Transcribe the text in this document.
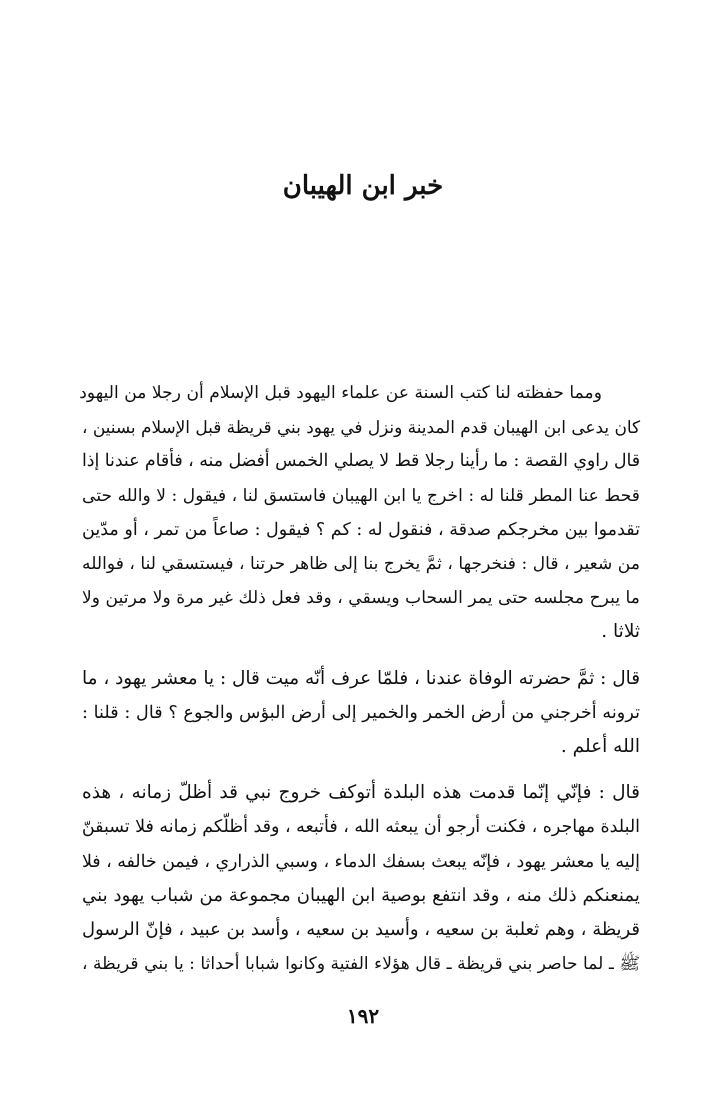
خبر ابن الهيبان

ومما حفظته لنا كتب السنة عن علماء اليهود قبل الإسلام أن رجلا من اليهود
كان يدعى ابن الهيبان قدم المدينة ونزل في يهود بني قريظة قبل الإسلام بسنين ،
قال راوي القصة : ما رأينا رجلا قط لا يصلي الخمس أفضل منه ، فأقام عندنا إذا
قحط عنا المطر قلنا له : اخرج يا ابن الهيبان فاستسق لنا ، فيقول : لا والله حتى
تقدموا بين مخرجكم صدقة ، فنقول له : كم ؟ فيقول : صاعاً من تمر ، أو مدّين
من شعير ، قال : فنخرجها ، ثمَّ يخرج بنا إلى ظاهر حرتنا ، فيستسقي لنا ، فوالله
ما يبرح مجلسه حتى يمر السحاب ويسقي ، وقد فعل ذلك غير مرة ولا مرتين ولا
ثلاثا .

قال : ثمَّ حضرته الوفاة عندنا ، فلمّا عرف أنّه ميت قال : يا معشر يهود ، ما
ترونه أخرجني من أرض الخمر والخمير إلى أرض البؤس والجوع ؟ قال : قلنا :
الله أعلم .

قال : فإنّي إنّما قدمت هذه البلدة أتوكف خروج نبي قد أظلّ زمانه ، هذه
البلدة مهاجره ، فكنت أرجو أن يبعثه الله ، فأتبعه ، وقد أظلّكم زمانه فلا تسبقنّ
إليه يا معشر يهود ، فإنّه يبعث بسفك الدماء ، وسبي الذراري ، فيمن خالفه ، فلا
يمنعنكم ذلك منه ، وقد انتفع بوصية ابن الهيبان مجموعة من شباب يهود بني
قريظة ، وهم ثعلبة بن سعيه ، وأسيد بن سعيه ، وأسد بن عبيد ، فإنّ الرسول
ﷺ ـ لما حاصر بني قريظة ـ قال هؤلاء الفتية وكانوا شبابا أحداثا : يا بني قريظة ،

١٩٢
